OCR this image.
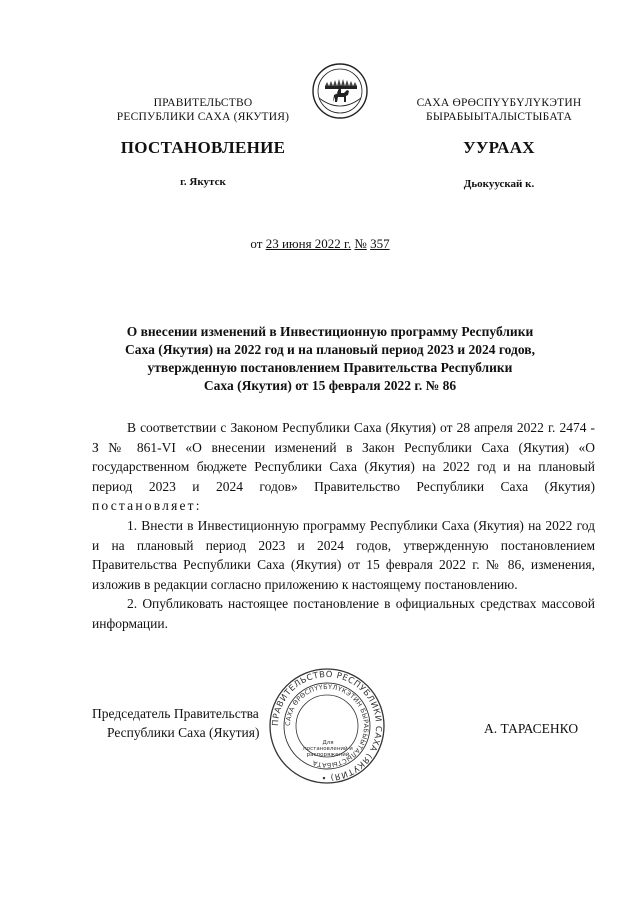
ПРАВИТЕЛЬСТВО
РЕСПУБЛИКИ САХА (ЯКУТИЯ)
САХА ӨРӨСПҮҮБҮЛҮКЭТИН
БЫРАБЫЫТАЛЫСТЫБАТА
ПОСТАНОВЛЕНИЕ	УУРААХ
г. Якутск	Дьокуускай к.
от 23 июня 2022 г. № 357
О внесении изменений в Инвестиционную программу Республики
Саха (Якутия) на 2022 год и на плановый период 2023 и 2024 годов,
утвержденную постановлением Правительства Республики
Саха (Якутия) от 15 февраля 2022 г. № 86

В соответствии с Законом Республики Саха (Якутия) от 28 апреля 2022 г. 2474 - З № 861-VI «О внесении изменений в Закон Республики Саха (Якутия) «О государственном бюджете Республики Саха (Якутия) на 2022 год и на плановый период 2023 и 2024 годов» Правительство Республики Саха (Якутия) постановляет:

1. Внести в Инвестиционную программу Республики Саха (Якутия) на 2022 год и на плановый период 2023 и 2024 годов, утвержденную постановлением Правительства Республики Саха (Якутия) от 15 февраля 2022 г. № 86, изменения, изложив в редакции согласно приложению к настоящему постановлению.

2. Опубликовать настоящее постановление в официальных средствах массовой информации.

Председатель Правительства
Республики Саха (Якутия)
ПРАВИТЕЛЬСТВО РЕСПУБЛИКИ САХА (ЯКУТИЯ) •
САХА ӨРӨСПҮҮБҮЛҮКЭТИН БЫРАБЫЫТАЛЫСТЫБАТА
Для
постановлений и
распоряжений
А. ТАРАСЕНКО
